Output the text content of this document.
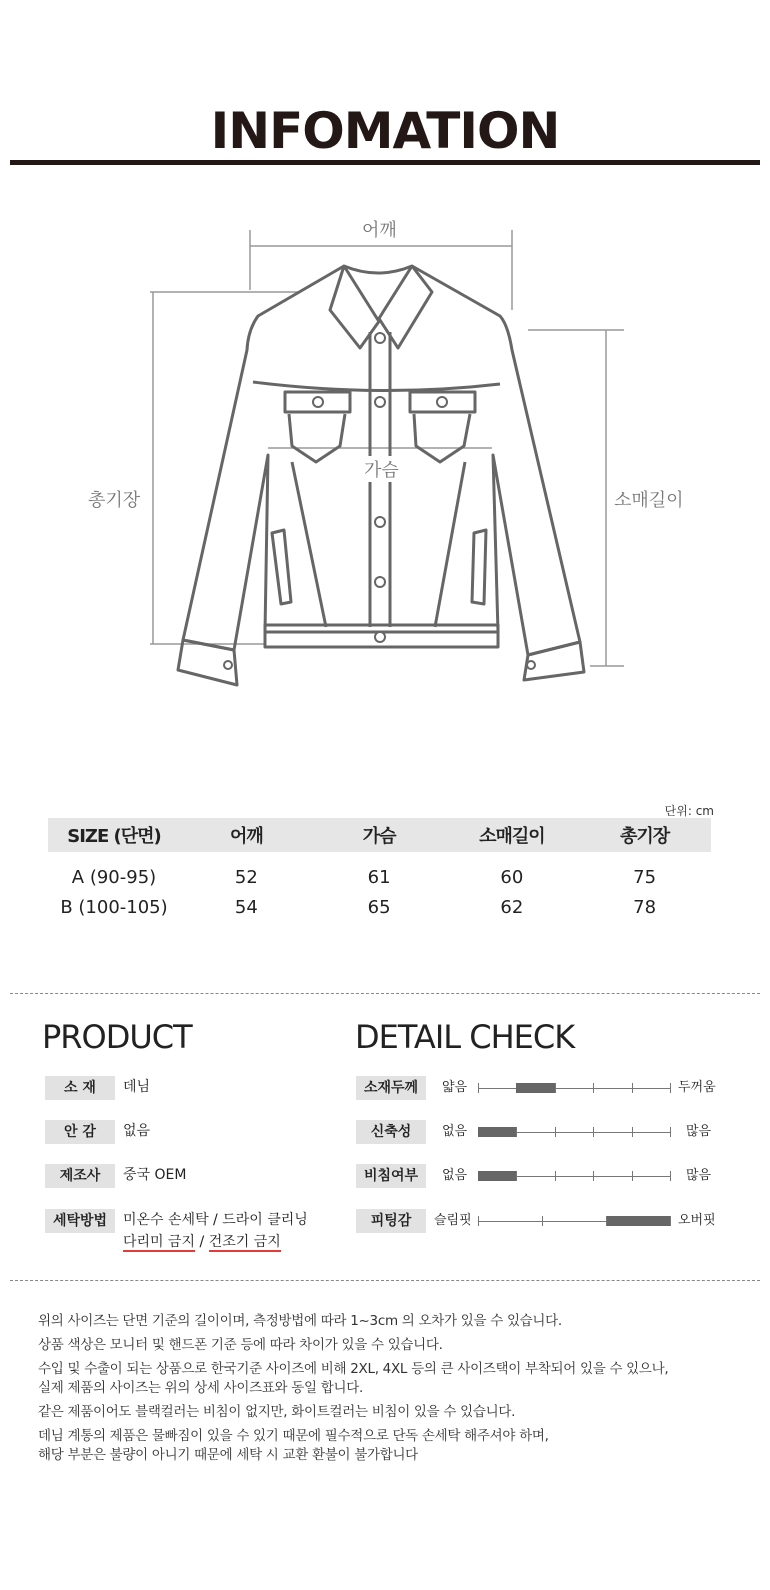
INFOMATION
어깨
가슴
총기장	소매길이
단위: cm
SIZE (단면)	어깨	가슴	소매길이	총기장
A (90-95)	52	61	60	75
B (100-105)	54	65	62	78
PRODUCT
소 재	데님
안 감	없음
제조사	중국 OEM
세탁방법	미온수 손세탁 / 드라이 클리닝
다리미 금지 / 건조기 금지
DETAIL CHECK
소재두께	얇음	두꺼움
신축성	없음	많음
비침여부	없음	많음
피팅감	슬림핏	오버핏
위의 사이즈는 단면 기준의 길이이며, 측정방법에 따라 1~3cm 의 오차가 있을 수 있습니다.
상품 색상은 모니터 및 핸드폰 기준 등에 따라 차이가 있을 수 있습니다.
수입 및 수출이 되는 상품으로 한국기준 사이즈에 비해 2XL, 4XL 등의 큰 사이즈택이 부착되어 있을 수 있으나,
실제 제품의 사이즈는 위의 상세 사이즈표와 동일 합니다.
같은 제품이어도 블랙컬러는 비침이 없지만, 화이트컬러는 비침이 있을 수 있습니다.
데님 계통의 제품은 물빠짐이 있을 수 있기 때문에 필수적으로 단독 손세탁 해주셔야 하며,
해당 부분은 불량이 아니기 때문에 세탁 시 교환 환불이 불가합니다
